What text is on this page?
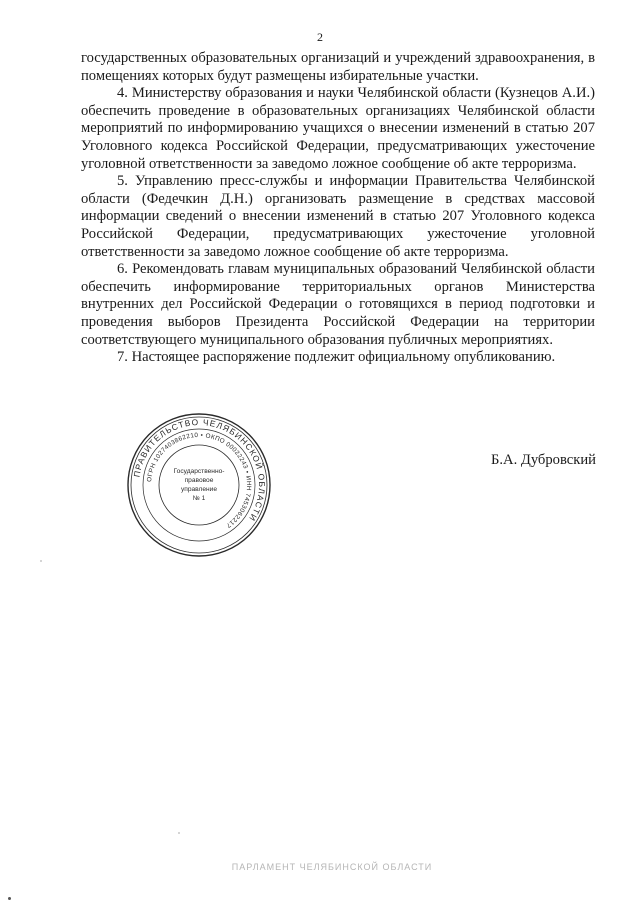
2

государственных образовательных организаций и учреждений здравоохранения, в помещениях которых будут размещены избирательные участки.

4. Министерству образования и науки Челябинской области (Кузнецов А.И.) обеспечить проведение в образовательных организациях Челябинской области мероприятий по информированию учащихся о внесении изменений в статью 207 Уголовного кодекса Российской Федерации, предусматривающих ужесточение уголовной ответственности за заведомо ложное сообщение об акте терроризма.

5. Управлению пресс-службы и информации Правительства Челябинской области (Федечкин Д.Н.) организовать размещение в средствах массовой информации сведений о внесении изменений в статью 207 Уголовного кодекса Российской Федерации, предусматривающих ужесточение уголовной ответственности за заведомо ложное сообщение об акте терроризма.

6. Рекомендовать главам муниципальных образований Челябинской области обеспечить информирование территориальных органов Министерства внутренних дел Российской Федерации о готовящихся в период подготовки и проведения выборов Президента Российской Федерации на территории соответствующего муниципального образования публичных мероприятиях.

7. Настоящее распоряжение подлежит официальному опубликованию.

ПРАВИТЕЛЬСТВО ЧЕЛЯБИНСКОЙ ОБЛАСТИ
ОГРН 1027403862210 • ОКПО 00022243 • ИНН 7453062217
Государственно-
правовое
управление
№ 1
Б.А. Дубровский
ПАРЛАМЕНТ ЧЕЛЯБИНСКОЙ ОБЛАСТИ
